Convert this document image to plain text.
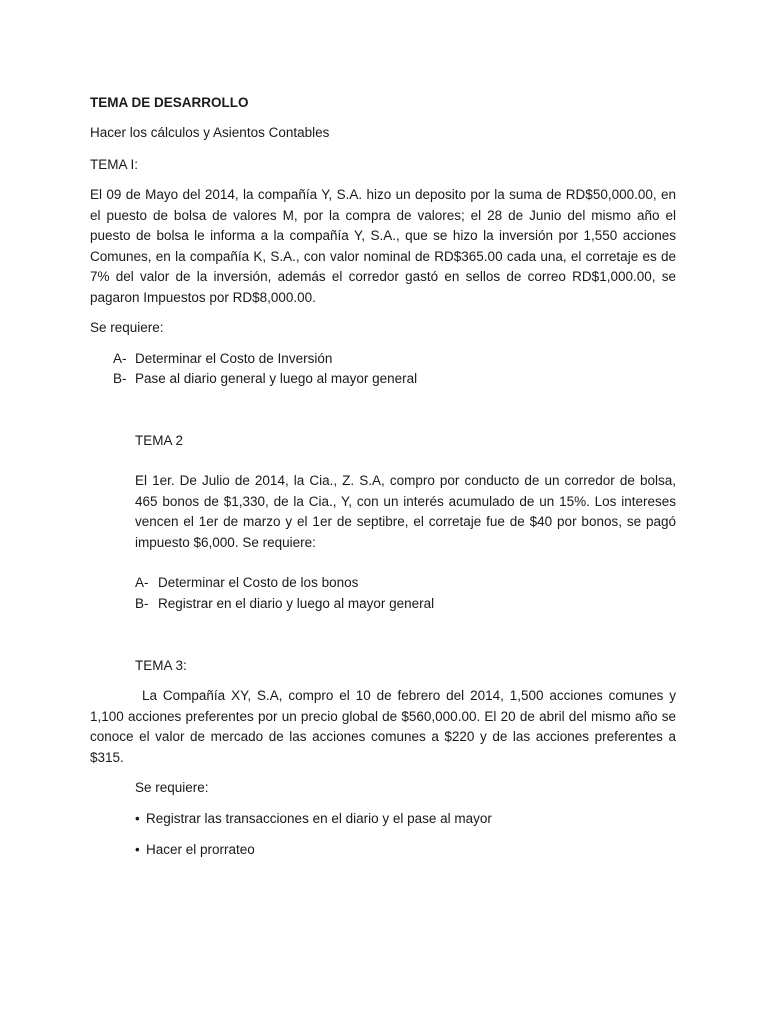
TEMA DE DESARROLLO
Hacer los cálculos y Asientos Contables
TEMA I:
El 09 de Mayo del 2014, la compañía Y, S.A. hizo un deposito por la suma de RD$50,000.00, en
el puesto de bolsa de valores M, por la compra de valores; el 28 de Junio del mismo año el
puesto de bolsa le informa a la compañía Y, S.A., que se hizo la inversión por 1,550 acciones
Comunes, en la compañía K, S.A., con valor nominal de RD$365.00 cada una, el corretaje es de
7% del valor de la inversión, además el corredor gastó en sellos de correo RD$1,000.00, se
pagaron Impuestos por RD$8,000.00.
Se requiere:
A- Determinar el Costo de Inversión
B- Pase al diario general y luego al mayor general
TEMA 2
El 1er. De Julio de 2014, la Cia., Z. S.A, compro por conducto de un corredor de bolsa,
465 bonos de $1,330, de la Cia., Y, con un interés acumulado de un 15%. Los intereses
vencen el 1er de marzo y el 1er de septibre, el corretaje fue de $40 por bonos, se pagó
impuesto $6,000. Se requiere:
A- Determinar el Costo de los bonos
B- Registrar en el diario y luego al mayor general
TEMA 3:
La Compañía XY, S.A, compro el 10 de febrero del 2014, 1,500 acciones comunes y
1,100 acciones preferentes por un precio global de $560,000.00. El 20 de abril del mismo año se
conoce el valor de mercado de las acciones comunes a $220 y de las acciones preferentes a
$315.
Se requiere:
• Registrar las transacciones en el diario y el pase al mayor
• Hacer el prorrateo
